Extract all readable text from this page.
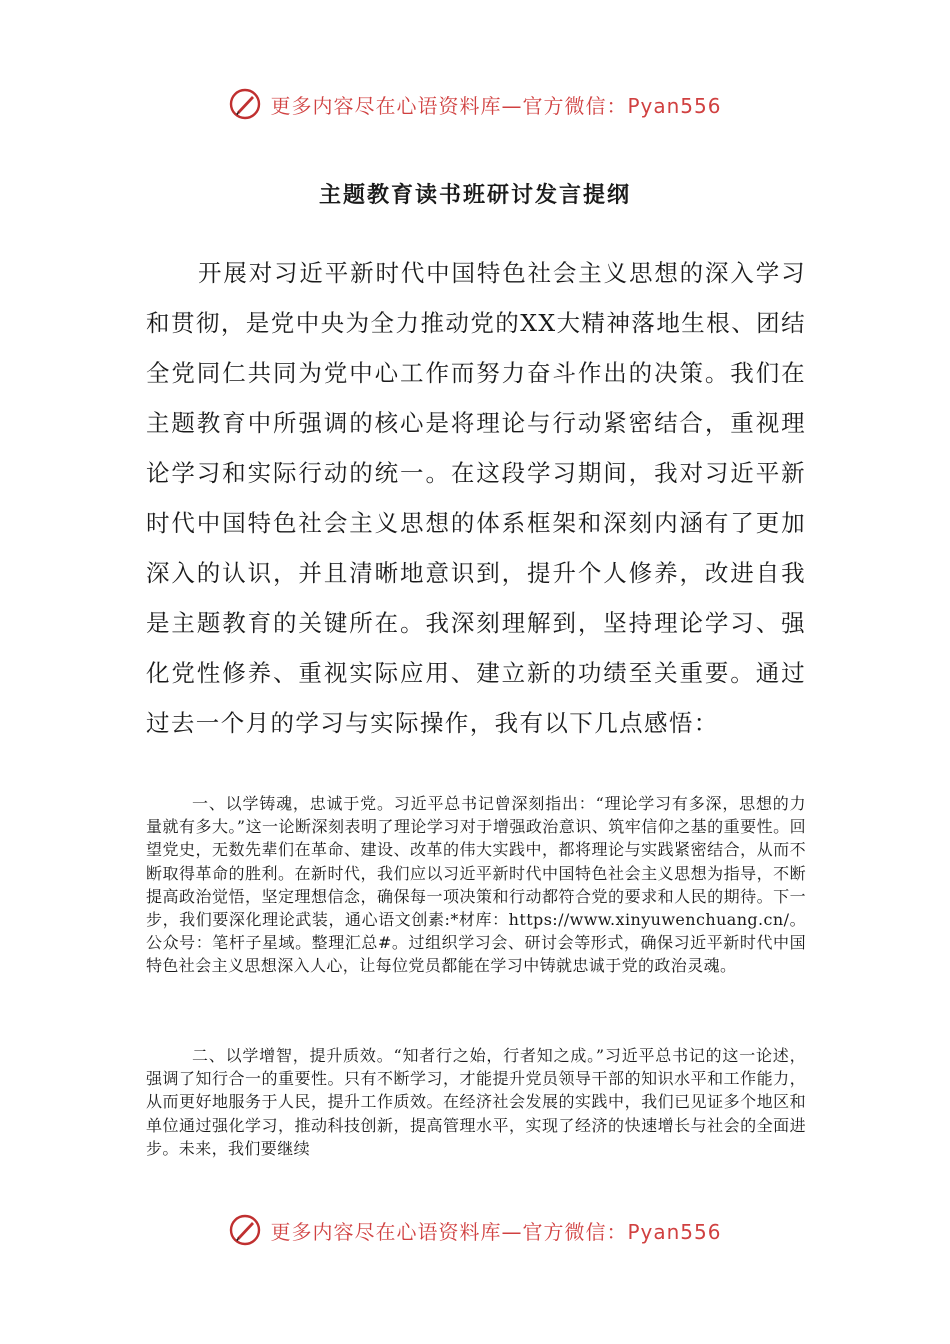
更多内容尽在心语资料库—官方微信：Pyan556
主题教育读书班研讨发言提纲

开展对习近平新时代中国特色社会主义思想的深入学习和贯彻，是党中央为全力推动党的XX大精神落地生根、团结全党同仁共同为党中心工作而努力奋斗作出的决策。我们在主题教育中所强调的核心是将理论与行动紧密结合，重视理论学习和实际行动的统一。在这段学习期间，我对习近平新时代中国特色社会主义思想的体系框架和深刻内涵有了更加深入的认识，并且清晰地意识到，提升个人修养，改进自我是主题教育的关键所在。我深刻理解到，坚持理论学习、强化党性修养、重视实际应用、建立新的功绩至关重要。通过过去一个月的学习与实际操作，我有以下几点感悟：

一、以学铸魂，忠诚于党。习近平总书记曾深刻指出：“理论学习有多深，思想的力量就有多大。”这一论断深刻表明了理论学习对于增强政治意识、筑牢信仰之基的重要性。回望党史，无数先辈们在革命、建设、改革的伟大实践中，都将理论与实践紧密结合，从而不断取得革命的胜利。在新时代，我们应以习近平新时代中国特色社会主义思想为指导，不断提高政治觉悟，坚定理想信念，确保每一项决策和行动都符合党的要求和人民的期待。下一步，我们要深化理论武装，通心语文创素:*材库：https://www.xinyuwenchuang.cn/。公众号：笔杆子星域。整理汇总#。过组织学习会、研讨会等形式，确保习近平新时代中国特色社会主义思想深入人心，让每位党员都能在学习中铸就忠诚于党的政治灵魂。

二、以学增智，提升质效。“知者行之始，行者知之成。”习近平总书记的这一论述，强调了知行合一的重要性。只有不断学习，才能提升党员领导干部的知识水平和工作能力，从而更好地服务于人民，提升工作质效。在经济社会发展的实践中，我们已见证多个地区和单位通过强化学习，推动科技创新，提高管理水平，实现了经济的快速增长与社会的全面进步。未来，我们要继续

更多内容尽在心语资料库—官方微信：Pyan556
